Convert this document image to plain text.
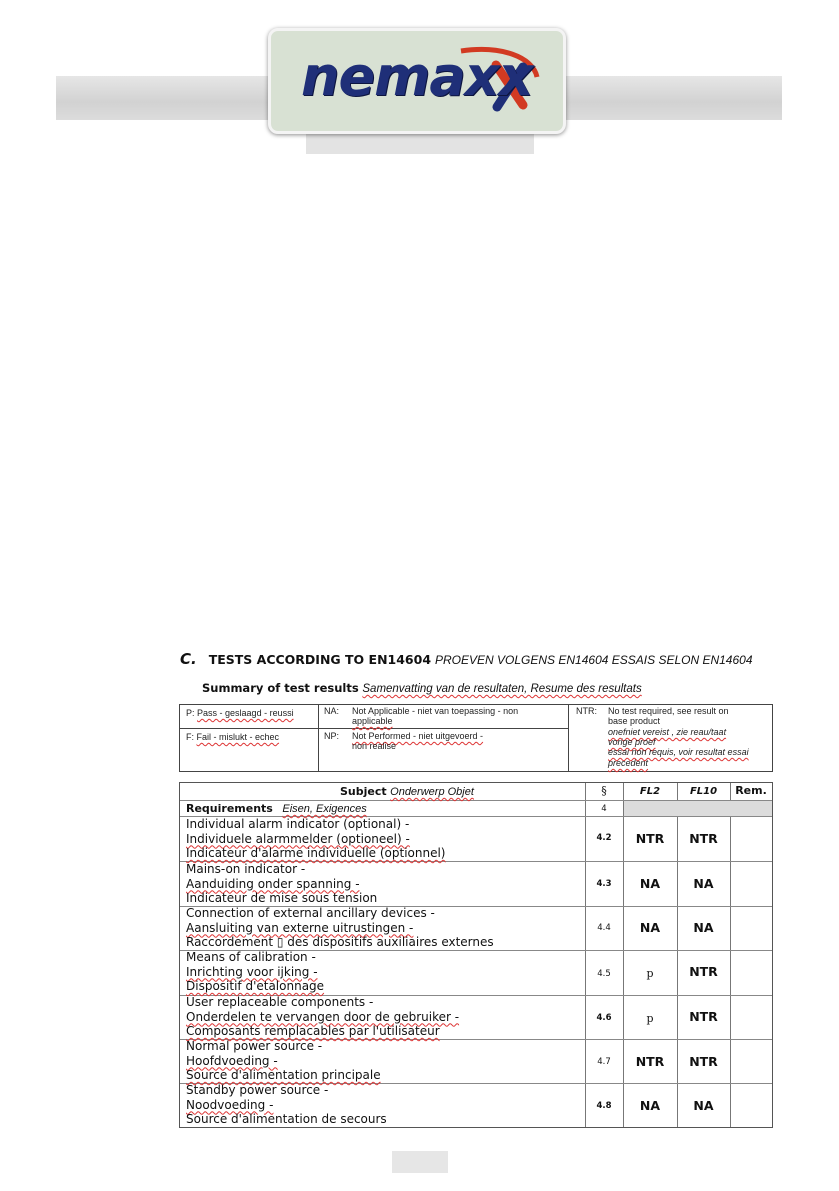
nemaxx
C. TESTS ACCORDING TO EN14604 PROEVEN VOLGENS EN14604 ESSAIS SELON EN14604
Summary of test results Samenvatting van de resultaten, Resume des resultats
P: Pass - geslaagd - reussi
F: Fail - mislukt - echec
NA: Not Applicable - niet van toepassing - non
applicable
NP: Not Performed - niet uitgevoerd -
non realise
NTR: No test required, see result on
base product
onefniet vereist , zie reau/taat
vorige proef
essai non requis, voir resultat essai
precedent
Subject Onderwerp Objet	§	FL2	FL10	Rem.
Requirements Eisen, Exigences	4
Individual alarm indicator (optional) -
Individuele alarmmelder (optioneel) -
Indicateur d'alarme individuelle (optionnel)
4.2	NTR	NTR
Mains-on indicator -
Aanduiding onder spanning -
Indicateur de mise sous tension
4.3	NA	NA
Connection of external ancillary devices -
Aansluiting van externe uitrustingen -
Raccordement ▯ des dispositifs auxiliaires externes
4.4	NA	NA
Means of calibration -
Inrichting voor ijking -
Dispositif d'etalonnage
4.5	p	NTR
User replaceable components -
Onderdelen te vervangen door de gebruiker -
Composants remplacables par l'utilisateur
4.6	p	NTR
Normal power source -
Hoofdvoeding -
Source d'alimentation principale
4.7	NTR	NTR
Standby power source -
Noodvoeding -
Source d'alimentation de secours
4.8	NA	NA
